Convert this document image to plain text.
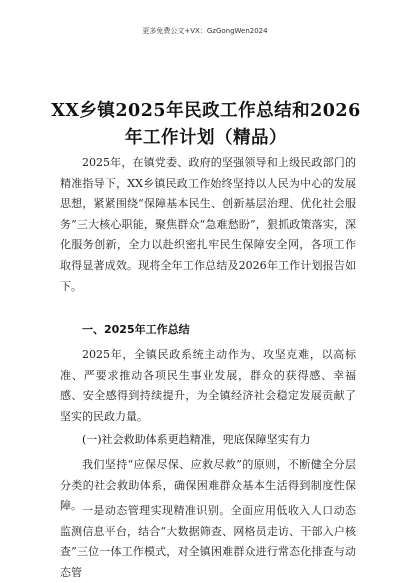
更多免费公文+VX：GzGongWen2024
XX乡镇2025年民政工作总结和2026年工作计划（精品）
2025年，在镇党委、政府的坚强领导和上级民政部门的精准指导下，XX乡镇民政工作始终坚持以人民为中心的发展思想，紧紧围绕“保障基本民生、创新基层治理、优化社会服务”三大核心职能，聚焦群众“急难愁盼”，狠抓政策落实，深化服务创新，全力以赴织密扎牢民生保障安全网，各项工作取得显著成效。现将全年工作总结及2026年工作计划报告如下。
一、2025年工作总结
2025年，全镇民政系统主动作为、攻坚克难，以高标准、严要求推动各项民生事业发展，群众的获得感、幸福感、安全感得到持续提升，为全镇经济社会稳定发展贡献了坚实的民政力量。
(一)社会救助体系更趋精准，兜底保障坚实有力
我们坚持“应保尽保、应救尽救”的原则，不断健全分层分类的社会救助体系，确保困难群众基本生活得到制度性保障。 一是动态管理实现精准识别。全面应用低收入人口动态监测信息平台，结合“大数据筛查、网格员走访、干部入户核查”三位一体工作模式，对全镇困难群众进行常态化排查与动态管
